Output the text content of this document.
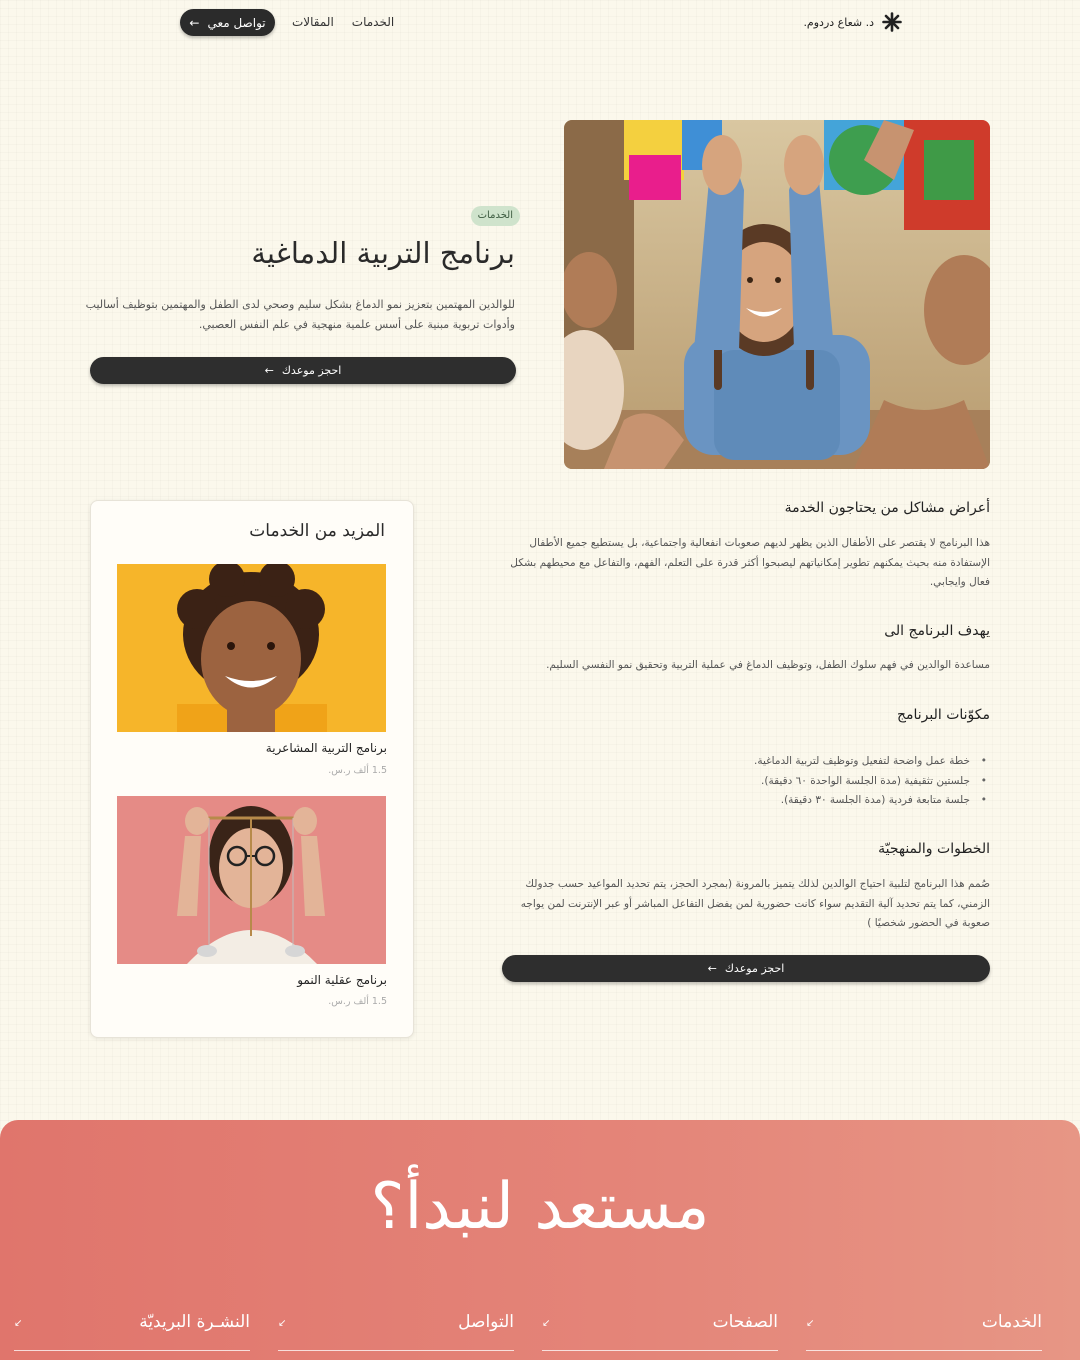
د. شعاع دردوم.
الخدمات
المقالات
تواصل معي
←
الخدمات
برنامج التربية الدماغية

للوالدين المهتمين بتعزيز نمو الدماغ بشكل سليم وصحي لدى الطفل والمهتمين بتوظيف أساليب وأدوات تربوية مبنية على أسس علمية منهجية في علم النفس العصبي.

احجز موعدك
←
أعراض مشاكل من يحتاجون الخدمة

هذا البرنامج لا يقتصر على الأطفال الذين يظهر لديهم صعوبات انفعالية واجتماعية، بل يستطيع جميع الأطفال الإستفادة منه بحيث يمكنهم تطوير إمكانياتهم ليصبحوا أكثر قدرة على التعلم، الفهم، والتفاعل مع محيطهم بشكل فعال وايجابي.

يهدف البرنامج الى

مساعدة الوالدين في فهم سلوك الطفل، وتوظيف الدماغ في عملية التربية وتحقيق نمو النفسي السليم.

مكوّنات البرنامج
• خطة عمل واضحة لتفعيل وتوظيف لتربية الدماغية.
• جلستين تثقيفية (مدة الجلسة الواحدة ٦٠ دقيقة).
• جلسة متابعة فردية (مدة الجلسة ٣٠ دقيقة).
الخطوات والمنهجيّة

صُمم هذا البرنامج لتلبية احتياج الوالدين لذلك يتميز بالمرونة (بمجرد الحجز، يتم تحديد المواعيد حسب جدولك الزمني، كما يتم تحديد آلية التقديم سواء كانت حضورية لمن يفضل التفاعل المباشر أو عبر الإنترنت لمن يواجه صعوبة في الحضور شخصيًا )

احجز موعدك
←
المزيد من الخدمات
برنامج التربية المشاعرية
1.5 ألف ر.س.
برنامج عقلية النمو
1.5 ألف ر.س.
مستعد لنبدأ؟
الخدمات
↙
الصفحات
↙
التواصل
↙
النشـرة البريديّة
↙
